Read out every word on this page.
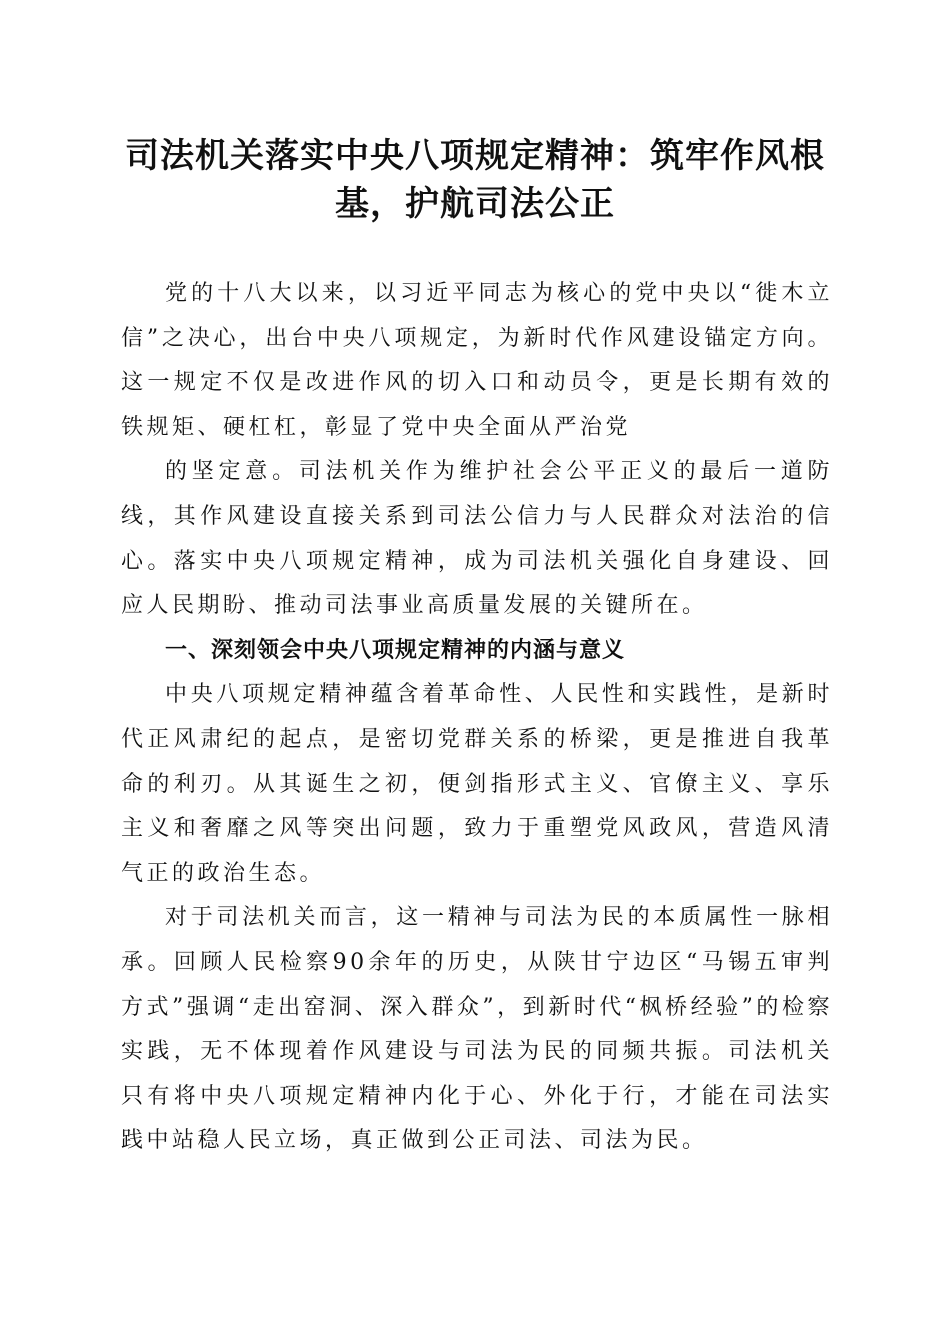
司法机关落实中央八项规定精神：筑牢作风根基，护航司法公正

党的十八大以来，以习近平同志为核心的党中央以“徙木立信”之决心，出台中央八项规定，为新时代作风建设锚定方向。这一规定不仅是改进作风的切入口和动员令，更是长期有效的铁规矩、硬杠杠，彰显了党中央全面从严治党

的坚定意。司法机关作为维护社会公平正义的最后一道防线，其作风建设直接关系到司法公信力与人民群众对法治的信心。落实中央八项规定精神，成为司法机关强化自身建设、回应人民期盼、推动司法事业高质量发展的关键所在。

一、深刻领会中央八项规定精神的内涵与意义

中央八项规定精神蕴含着革命性、人民性和实践性，是新时代正风肃纪的起点，是密切党群关系的桥梁，更是推进自我革命的利刃。从其诞生之初，便剑指形式主义、官僚主义、享乐主义和奢靡之风等突出问题，致力于重塑党风政风，营造风清气正的政治生态。

对于司法机关而言，这一精神与司法为民的本质属性一脉相承。回顾人民检察90余年的历史，从陕甘宁边区“马锡五审判方式”强调“走出窑洞、深入群众”，到新时代“枫桥经验”的检察实践，无不体现着作风建设与司法为民的同频共振。司法机关只有将中央八项规定精神内化于心、外化于行，才能在司法实践中站稳人民立场，真正做到公正司法、司法为民。
